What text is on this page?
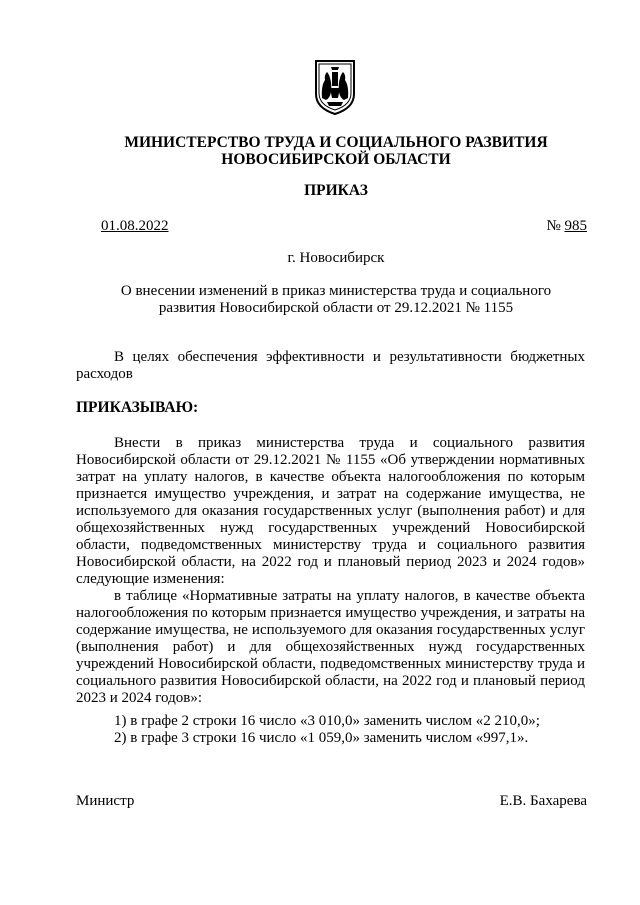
МИНИСТЕРСТВО ТРУДА И СОЦИАЛЬНОГО РАЗВИТИЯ
НОВОСИБИРСКОЙ ОБЛАСТИ
ПРИКАЗ
01.08.2022	№ 985
г. Новосибирск
О внесении изменений в приказ министерства труда и социального
развития Новосибирской области от 29.12.2021 № 1155

В целях обеспечения эффективности и результативности бюджетных расходов

ПРИКАЗЫВАЮ:

Внести в приказ министерства труда и социального развития Новосибирской области от 29.12.2021 № 1155 «Об утверждении нормативных затрат на уплату налогов, в качестве объекта налогообложения по которым признается имущество учреждения, и затрат на содержание имущества, не используемого для оказания государственных услуг (выполнения работ) и для общехозяйственных нужд государственных учреждений Новосибирской области, подведомственных министерству труда и социального развития Новосибирской области, на 2022 год и плановый период 2023 и 2024 годов» следующие изменения:

в таблице «Нормативные затраты на уплату налогов, в качестве объекта налогообложения по которым признается имущество учреждения, и затраты на содержание имущества, не используемого для оказания государственных услуг (выполнения работ) и для общехозяйственных нужд государственных учреждений Новосибирской области, подведомственных министерству труда и социального развития Новосибирской области, на 2022 год и плановый период 2023 и 2024 годов»:

1) в графе 2 строки 16 число «3 010,0» заменить числом «2 210,0»;
2) в графе 3 строки 16 число «1 059,0» заменить числом «997,1».
Министр	Е.В. Бахарева
